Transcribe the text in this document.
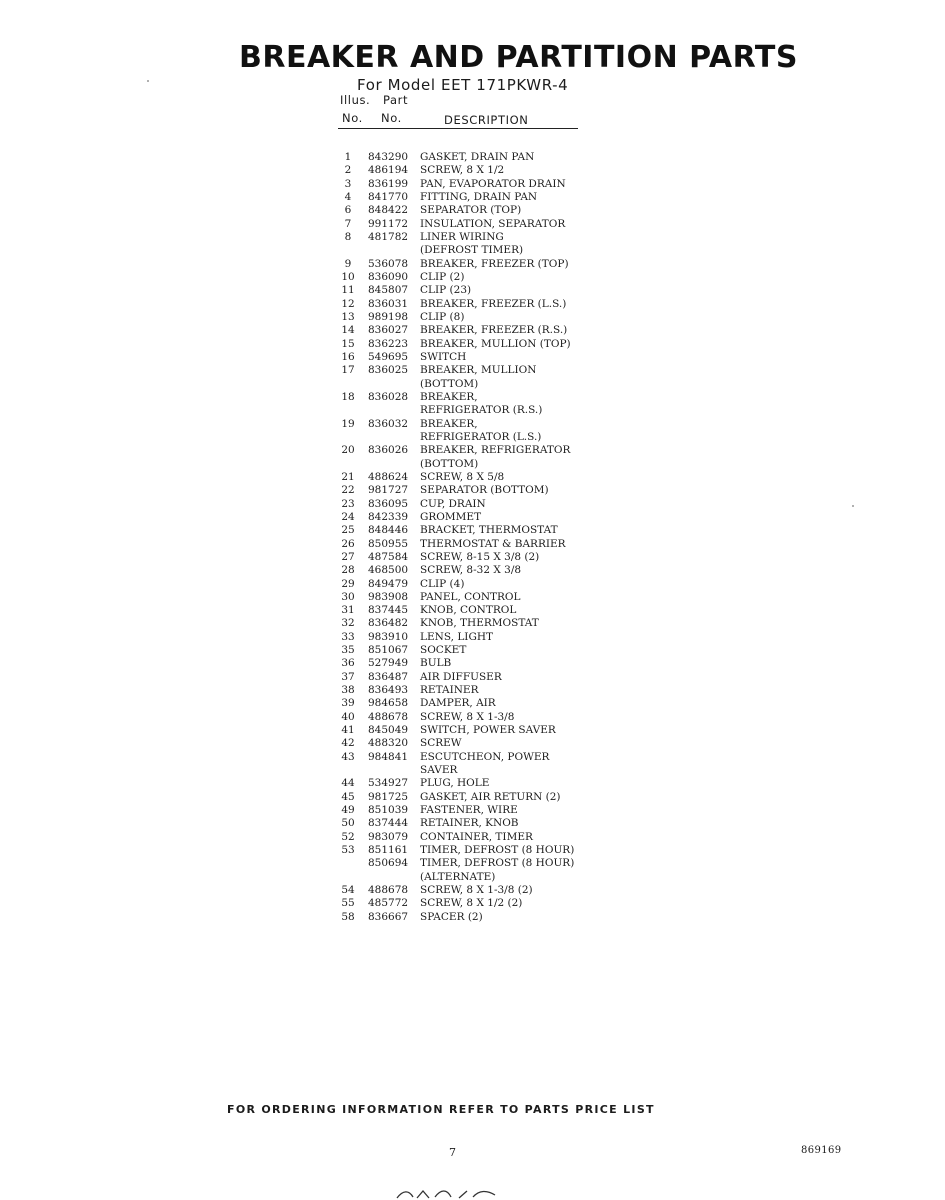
BREAKER AND PARTITION PARTS
For Model EET 171PKWR-4
Illus. Part
No. No.	DESCRIPTION
1	843290 GASKET, DRAIN PAN
2	486194 SCREW, 8 X 1/2
3	836199 PAN, EVAPORATOR DRAIN
4	841770 FITTING, DRAIN PAN
6	848422 SEPARATOR (TOP)
7	991172 INSULATION, SEPARATOR
8	481782 LINER WIRING
(DEFROST TIMER)
9	536078 BREAKER, FREEZER (TOP)
10 836090 CLIP (2)
11 845807 CLIP (23)
12 836031 BREAKER, FREEZER (L.S.)
13 989198 CLIP (8)
14 836027 BREAKER, FREEZER (R.S.)
15 836223 BREAKER, MULLION (TOP)
16 549695 SWITCH
17 836025 BREAKER, MULLION
(BOTTOM)
18 836028 BREAKER,
REFRIGERATOR (R.S.)
19 836032 BREAKER,
REFRIGERATOR (L.S.)
20 836026 BREAKER, REFRIGERATOR
(BOTTOM)
21 488624 SCREW, 8 X 5/8
22 981727 SEPARATOR (BOTTOM)
23 836095 CUP, DRAIN
24 842339 GROMMET
25 848446 BRACKET, THERMOSTAT
26 850955 THERMOSTAT & BARRIER
27 487584 SCREW, 8-15 X 3/8 (2)
28 468500 SCREW, 8-32 X 3/8
29 849479 CLIP (4)
30 983908 PANEL, CONTROL
31 837445 KNOB, CONTROL
32 836482 KNOB, THERMOSTAT
33 983910 LENS, LIGHT
35 851067 SOCKET
36 527949 BULB
37 836487 AIR DIFFUSER
38 836493 RETAINER
39 984658 DAMPER, AIR
40 488678 SCREW, 8 X 1-3/8
41 845049 SWITCH, POWER SAVER
42 488320 SCREW
43 984841 ESCUTCHEON, POWER
SAVER
44 534927 PLUG, HOLE
45 981725 GASKET, AIR RETURN (2)
49 851039 FASTENER, WIRE
50 837444 RETAINER, KNOB
52 983079 CONTAINER, TIMER
53 851161 TIMER, DEFROST (8 HOUR)
850694 TIMER, DEFROST (8 HOUR)
(ALTERNATE)
54 488678 SCREW, 8 X 1-3/8 (2)
55 485772 SCREW, 8 X 1/2 (2)
58 836667 SPACER (2)
FOR ORDERING INFORMATION REFER TO PARTS PRICE LIST
7	869169
